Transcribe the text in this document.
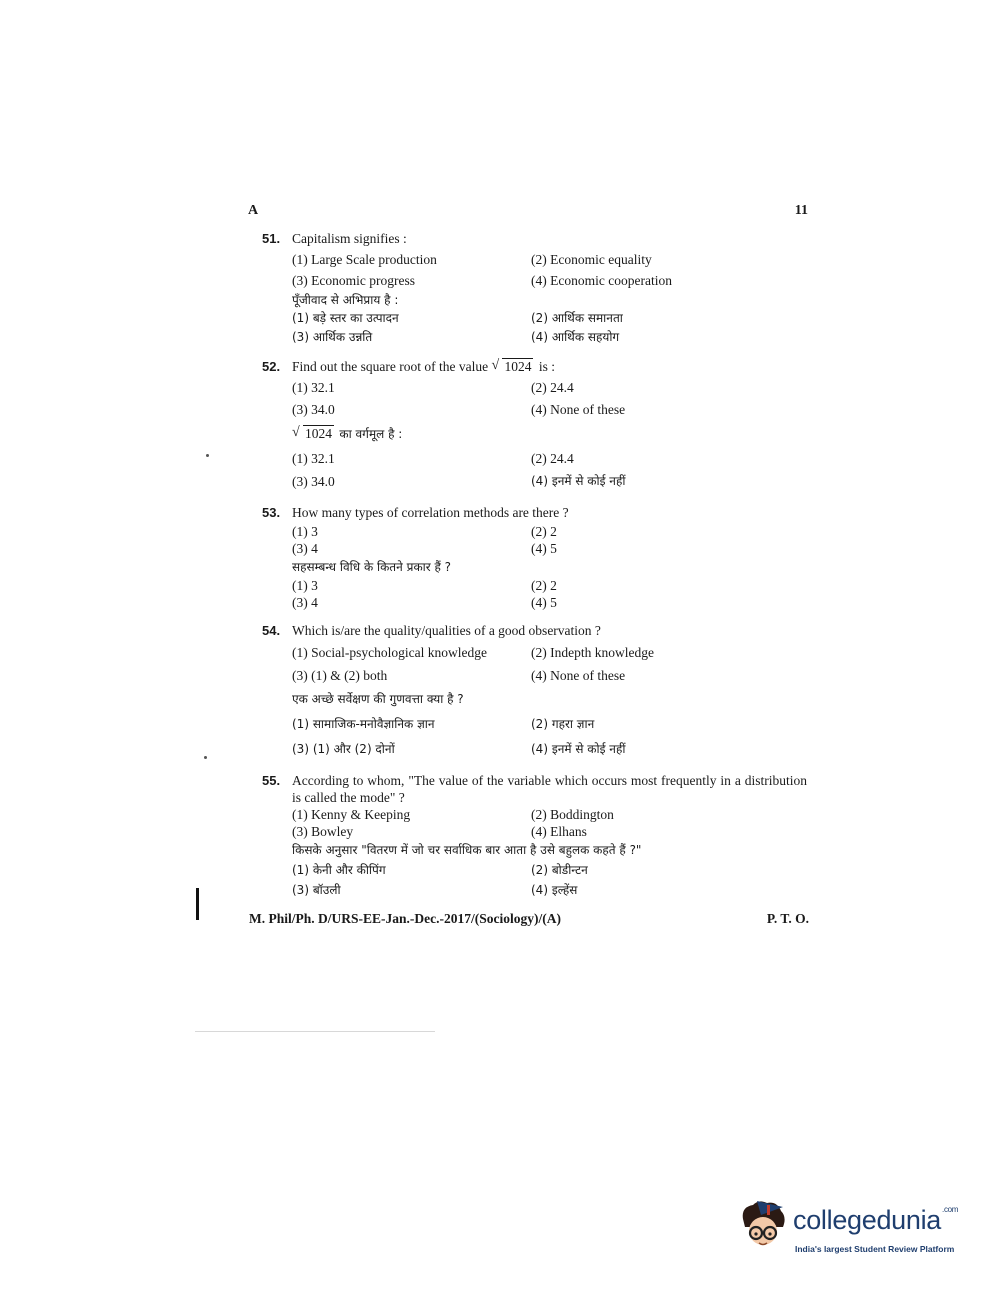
A	11
51. Capitalism signifies :
(1) Large Scale production	(2) Economic equality
(3) Economic progress	(4) Economic cooperation
पूँजीवाद से अभिप्राय है :
(1) बड़े स्तर का उत्पादन	(2) आर्थिक समानता
(3) आर्थिक उन्नति	(4) आर्थिक सहयोग
52. Find out the square root of the value √ 1024 is :
(1) 32.1	(2) 24.4
(3) 34.0	(4) None of these
√ 1024 का वर्गमूल है :
(1) 32.1	(2) 24.4
(3) 34.0	(4) इनमें से कोई नहीं
53. How many types of correlation methods are there ?
(1) 3	(2) 2
(3) 4	(4) 5
सहसम्बन्ध विधि के कितने प्रकार हैं ?
(1) 3	(2) 2
(3) 4	(4) 5
54. Which is/are the quality/qualities of a good observation ?
(1) Social-psychological knowledge	(2) Indepth knowledge
(3) (1) & (2) both	(4) None of these
एक अच्छे सर्वेक्षण की गुणवत्ता क्या है ?
(1) सामाजिक-मनोवैज्ञानिक ज्ञान	(2) गहरा ज्ञान
(3) (1) और (2) दोनों	(4) इनमें से कोई नहीं
55. According to whom, "The value of the variable which occurs most frequently in a distribution is called the mode" ?
(1) Kenny & Keeping	(2) Boddington
(3) Bowley	(4) Elhans
किसके अनुसार "वितरण में जो चर सर्वाधिक बार आता है उसे बहुलक कहते हैं ?"
(1) केनी और कीपिंग	(2) बोडीन्टन
(3) बॉउली	(4) इल्हेंस
M. Phil/Ph. D/URS-EE-Jan.-Dec.-2017/(Sociology)/(A)	P. T. O.
collegedunia$^{.com}$
India's largest Student Review Platform
